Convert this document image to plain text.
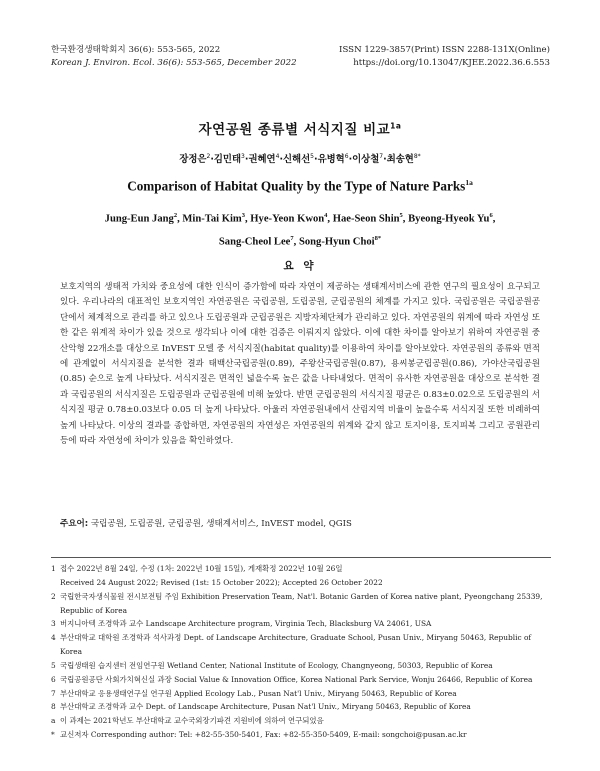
한국환경생태학회지 36(6): 553-565, 2022
Korean J. Environ. Ecol. 36(6): 553-565, December 2022
ISSN 1229-3857(Print) ISSN 2288-131X(Online)
https://doi.org/10.13047/KJEE.2022.36.6.553
자연공원 종류별 서식지질 비교$^{1a}$
장정은$^2$·김민태$^3$·권혜연$^4$·신해선$^5$·유병혁$^6$·이상철$^7$·최송현$^{8*}$
Comparison of Habitat Quality by the Type of Nature Parks$^{1a}$
Jung-Eun Jang$^2$, Min-Tai Kim$^3$, Hye-Yeon Kwon$^4$, Hae-Seon Shin$^5$, Byeong-Hyeok Yu$^6$,
Sang-Cheol Lee$^7$, Song-Hyun Choi$^{8*}$
요 약

보호지역의 생태적 가치와 중요성에 대한 인식이 증가함에 따라 자연이 제공하는 생태계서비스에 관한 연구의 필요성이 요구되고 있다. 우리나라의 대표적인 보호지역인 자연공원은 국립공원, 도립공원, 군립공원의 체계를 가지고 있다. 국립공원은 국립공원공단에서 체계적으로 관리를 하고 있으나 도립공원과 군립공원은 지방자체단체가 관리하고 있다. 자연공원의 위계에 따라 자연성 또한 같은 위계적 차이가 있을 것으로 생각되나 이에 대한 검증은 이뤄지지 않았다. 이에 대한 차이를 알아보기 위하여 자연공원 중 산악형 22개소를 대상으로 InVEST 모델 중 서식지질(habitat quality)를 이용하여 차이를 알아보았다. 자연공원의 종류와 면적에 관계없이 서식지질을 분석한 결과 태백산국립공원(0.89), 주왕산국립공원(0.87), 용씨봉군립공원(0.86), 가야산국립공원(0.85) 순으로 높게 나타났다. 서식지질은 면적인 넓을수록 높은 값을 나타내었다. 면적이 유사한 자연공원을 대상으로 분석한 결과 국립공원의 서식지질은 도립공원과 군립공원에 비해 높았다. 반면 군립공원의 서식지질 평균은 0.83±0.02으로 도립공원의 서식지질 평균 0.78±0.03보다 0.05 더 높게 나타났다. 아울러 자연공원내에서 산림지역 비율이 높을수록 서식지질 또한 비례하여 높게 나타났다. 이상의 결과를 종합하면, 자연공원의 자연성은 자연공원의 위계와 같지 않고 토지이용, 토지피복 그리고 공원관리 등에 따라 자연성에 차이가 있음을 확인하였다.

주요어: 국립공원, 도립공원, 군립공원, 생태계서비스, InVEST model, QGIS
1 접수 2022년 8월 24일, 수정 (1차: 2022년 10월 15일), 게재확정 2022년 10월 26일
Received 24 August 2022; Revised (1st: 15 October 2022); Accepted 26 October 2022
2 국립한국자생식물원 전시보전팀 주임 Exhibition Preservation Team, Nat'l. Botanic Garden of Korea native plant, Pyeongchang 25339, Republic of Korea
3 버지니아텍 조경학과 교수 Landscape Architecture program, Virginia Tech, Blacksburg VA 24061, USA
4 부산대학교 대학원 조경학과 석사과정 Dept. of Landscape Architecture, Graduate School, Pusan Univ., Miryang 50463, Republic of Korea
5 국립생태원 습지센터 전임연구원 Wetland Center, National Institute of Ecology, Changnyeong, 50303, Republic of Korea
6 국립공원공단 사회가치혁신실 과장 Social Value & Innovation Office, Korea National Park Service, Wonju 26466, Republic of Korea
7 부산대학교 응용생태연구실 연구원 Applied Ecology Lab., Pusan Nat'l Univ., Miryang 50463, Republic of Korea
8 부산대학교 조경학과 교수 Dept. of Landscape Architecture, Pusan Nat'l Univ., Miryang 50463, Republic of Korea
a 이 과제는 2021학년도 부산대학교 교수국외장기파견 지원비에 의하여 연구되었음
* 교신저자 Corresponding author: Tel: +82-55-350-5401, Fax: +82-55-350-5409, E-mail: songchoi@pusan.ac.kr
